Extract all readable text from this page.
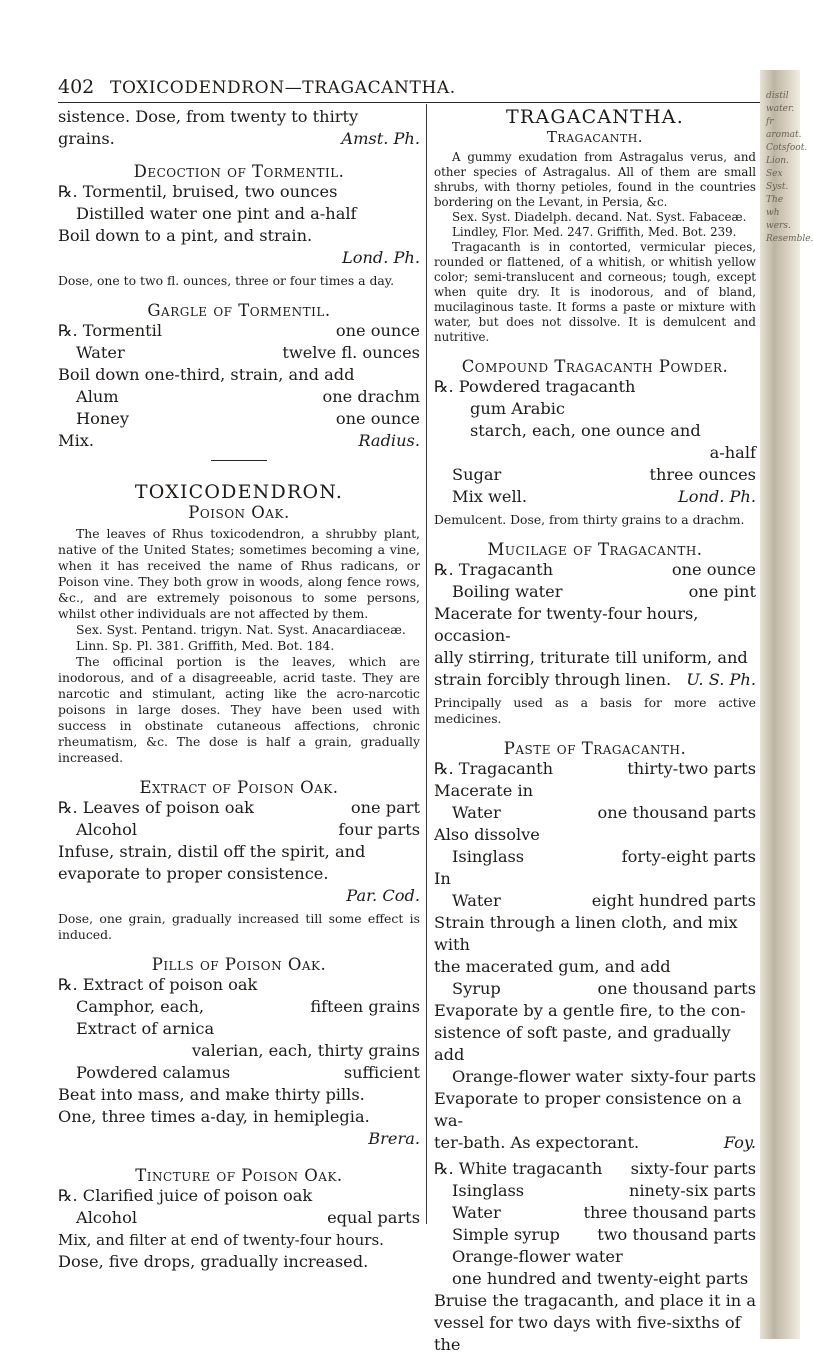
402 TOXICODENDRON—TRAGACANTHA.
sistence. Dose, from twenty to thirty
grains.	Amst. Ph.
Decoction of Tormentil.
℞. Tormentil, bruised, two ounces
Distilled water one pint and a-half
Boil down to a pint, and strain.
Lond. Ph.
Dose, one to two fl. ounces, three or four times a day.
Gargle of Tormentil.
℞. Tormentil	one ounce
Water	twelve fl. ounces
Boil down one-third, strain, and add
Alum	one drachm
Honey	one ounce
Mix.	Radius.
TOXICODENDRON.
Poison Oak.

The leaves of Rhus toxicodendron, a shrubby plant, native of the United States; sometimes becoming a vine, when it has received the name of Rhus radicans, or Poison vine. They both grow in woods, along fence rows, &c., and are extremely poisonous to some persons, whilst other individuals are not affected by them.

Sex. Syst. Pentand. trigyn. Nat. Syst. Anacardiaceæ.

Linn. Sp. Pl. 381. Griffith, Med. Bot. 184.

The officinal portion is the leaves, which are inodorous, and of a disagreeable, acrid taste. They are narcotic and stimulant, acting like the acro-narcotic poisons in large doses. They have been used with success in obstinate cutaneous affections, chronic rheumatism, &c. The dose is half a grain, gradually increased.

Extract of Poison Oak.
℞. Leaves of poison oak	one part
Alcohol	four parts
Infuse, strain, distil off the spirit, and
evaporate to proper consistence.
Par. Cod.
Dose, one grain, gradually increased till some effect is induced.
Pills of Poison Oak.
℞. Extract of poison oak
Camphor, each,	fifteen grains
Extract of arnica
valerian, each, thirty grains
Powdered calamus	sufficient
Beat into mass, and make thirty pills.
One, three times a-day, in hemiplegia.
Brera.
Tincture of Poison Oak.
℞. Clarified juice of poison oak
Alcohol	equal parts
Mix, and filter at end of twenty-four hours.
Dose, five drops, gradually increased.
TRAGACANTHA.
Tragacanth.

A gummy exudation from Astragalus verus, and other species of Astragalus. All of them are small shrubs, with thorny petioles, found in the countries bordering on the Levant, in Persia, &c.

Sex. Syst. Diadelph. decand. Nat. Syst. Fabaceæ.

Lindley, Flor. Med. 247. Griffith, Med. Bot. 239.

Tragacanth is in contorted, vermicular pieces, rounded or flattened, of a whitish, or whitish yellow color; semi-translucent and corneous; tough, except when quite dry. It is inodorous, and of bland, mucilaginous taste. It forms a paste or mixture with water, but does not dissolve. It is demulcent and nutritive.

Compound Tragacanth Powder.
℞. Powdered tragacanth
gum Arabic
starch, each, one ounce and
a-half
Sugar	three ounces
Mix well.	Lond. Ph.
Demulcent. Dose, from thirty grains to a drachm.
Mucilage of Tragacanth.
℞. Tragacanth	one ounce
Boiling water	one pint
Macerate for twenty-four hours, occasion-
ally stirring, triturate till uniform, and
strain forcibly through linen. U. S. Ph.
Principally used as a basis for more active medicines.
Paste of Tragacanth.
℞. Tragacanth	thirty-two parts
Macerate in
Water	one thousand parts
Also dissolve
Isinglass	forty-eight parts
In
Water	eight hundred parts
Strain through a linen cloth, and mix with
the macerated gum, and add
Syrup	one thousand parts
Evaporate by a gentle fire, to the con-
sistence of soft paste, and gradually add
Orange-flower water sixty-four parts
Evaporate to proper consistence on a wa-
ter-bath. As expectorant.	Foy.
℞. White tragacanth sixty-four parts
Isinglass	ninety-six parts
Water	three thousand parts
Simple syrup two thousand parts
Orange-flower water
one hundred and twenty-eight parts
Bruise the tragacanth, and place it in a
vessel for two days with five-sixths of the
distil water. fr aromat. Cotsfoot. Lion. Sex Syst. The wh wers. Resemble.
